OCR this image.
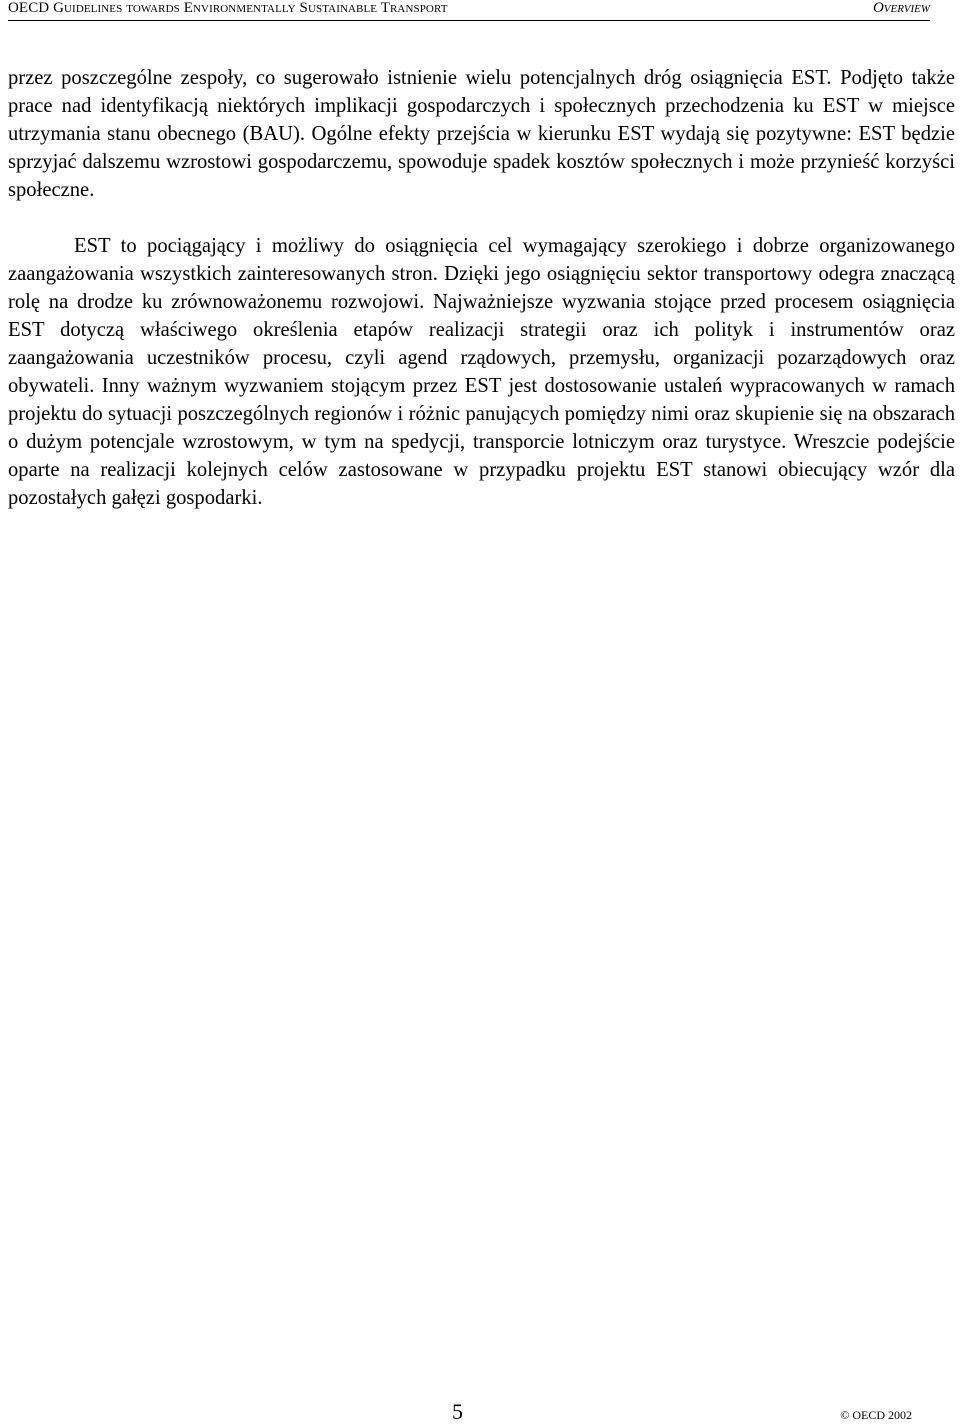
OECD Guidelines towards Environmentally Sustainable Transport	Overview

przez poszczególne zespoły, co sugerowało istnienie wielu potencjalnych dróg osiągnięcia EST. Podjęto także prace nad identyfikacją niektórych implikacji gospodarczych i społecznych przechodzenia ku EST w miejsce utrzymania stanu obecnego (BAU). Ogólne efekty przejścia w kierunku EST wydają się pozytywne: EST będzie sprzyjać dalszemu wzrostowi gospodarczemu, spowoduje spadek kosztów społecznych i może przynieść korzyści społeczne.

EST to pociągający i możliwy do osiągnięcia cel wymagający szerokiego i dobrze organizowanego zaangażowania wszystkich zainteresowanych stron. Dzięki jego osiągnięciu sektor transportowy odegra znaczącą rolę na drodze ku zrównoważonemu rozwojowi. Najważniejsze wyzwania stojące przed procesem osiągnięcia EST dotyczą właściwego określenia etapów realizacji strategii oraz ich polityk i instrumentów oraz zaangażowania uczestników procesu, czyli agend rządowych, przemysłu, organizacji pozarządowych oraz obywateli. Inny ważnym wyzwaniem stojącym przez EST jest dostosowanie ustaleń wypracowanych w ramach projektu do sytuacji poszczególnych regionów i różnic panujących pomiędzy nimi oraz skupienie się na obszarach o dużym potencjale wzrostowym, w tym na spedycji, transporcie lotniczym oraz turystyce. Wreszcie podejście oparte na realizacji kolejnych celów zastosowane w przypadku projektu EST stanowi obiecujący wzór dla pozostałych gałęzi gospodarki.

5	© OECD 2002
